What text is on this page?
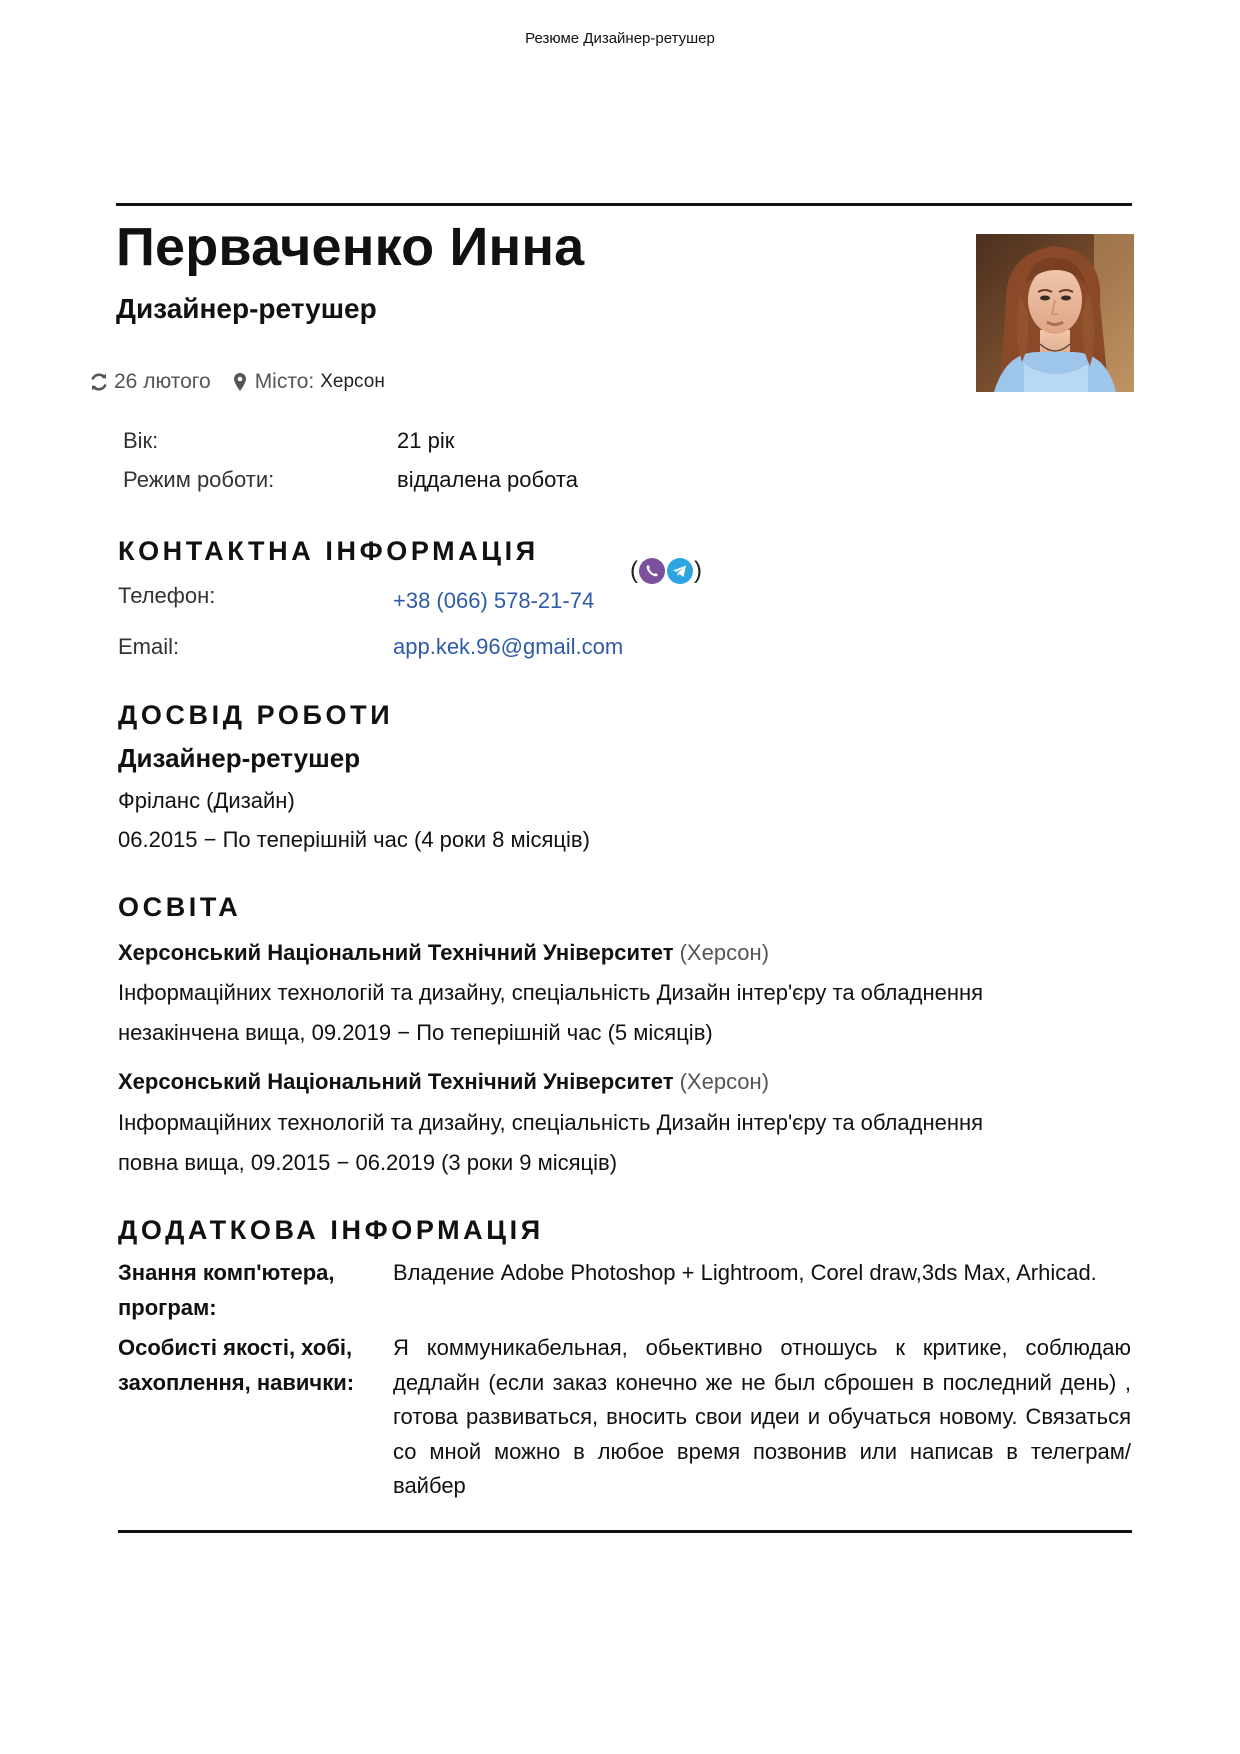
Резюме Дизайнер-ретушер
Перваченко Инна
Дизайнер-ретушер
26 лютого Місто: Херсон
Вік:	21 рік
Режим роботи:	віддалена робота
КОНТАКТНА ІНФОРМАЦІЯ
( )
Телефон:	+38 (066) 578-21-74
Email:	app.kek.96@gmail.com
ДОСВІД РОБОТИ
Дизайнер-ретушер
Фріланс (Дизайн)
06.2015 − По теперішній час (4 роки 8 місяців)
ОСВІТА
Херсонський Національний Технічний Університет (Херсон)
Інформаційних технологій та дизайну, спеціальність Дизайн інтер'єру та обладнення
незакінчена вища, 09.2019 − По теперішній час (5 місяців)
Херсонський Національний Технічний Університет (Херсон)
Інформаційних технологій та дизайну, спеціальність Дизайн інтер'єру та обладнення
повна вища, 09.2015 − 06.2019 (3 роки 9 місяців)
ДОДАТКОВА ІНФОРМАЦІЯ
Знання комп'ютера, програм:
Владение Adobe Photoshop + Lightroom, Corel draw,3ds Max, Arhicad.
Особисті якості, хобі, захоплення, навички:
Я коммуникабельная, обьективно отношусь к критике, соблюдаю дедлайн (если заказ конечно же не был сброшен в последний день) , готова развиваться, вносить свои идеи и обучаться новому. Связаться со мной можно в любое время позвонив или написав в телеграм/вайбер
